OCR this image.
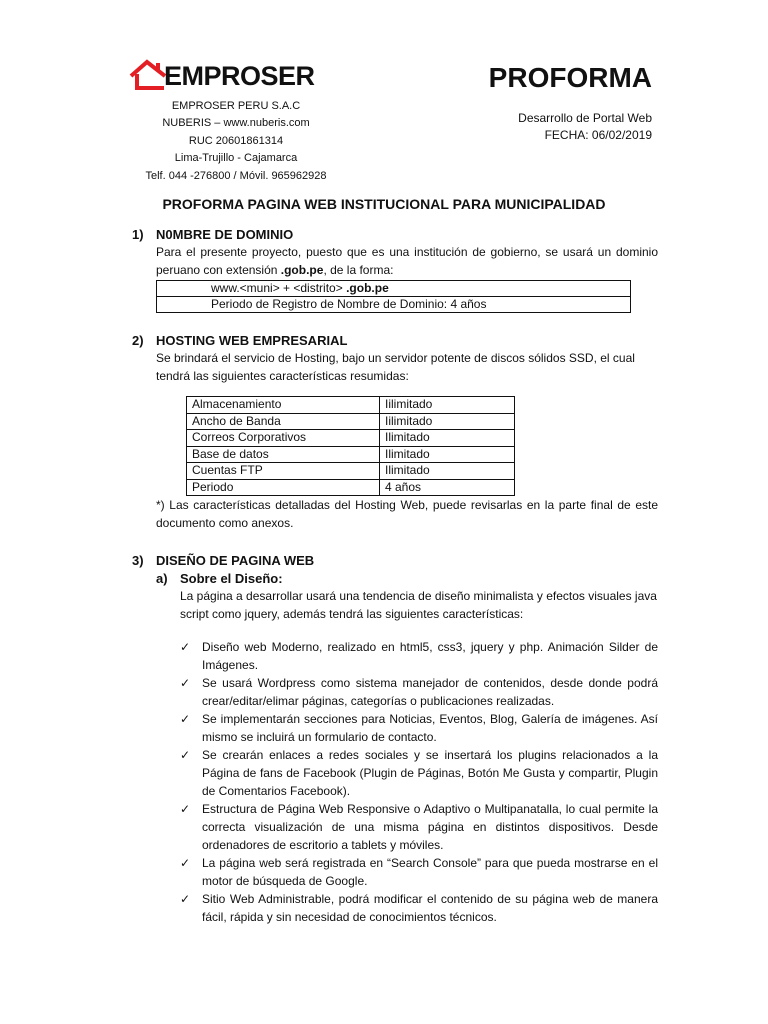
EMPROSER
EMPROSER PERU S.A.C
NUBERIS – www.nuberis.com
RUC 20601861314
Lima-Trujillo - Cajamarca
Telf. 044 -276800 / Móvil. 965962928
PROFORMA
Desarrollo de Portal Web
FECHA: 06/02/2019
PROFORMA PAGINA WEB INSTITUCIONAL PARA MUNICIPALIDAD
1) N0MBRE DE DOMINIO
Para el presente proyecto, puesto que es una institución de gobierno, se usará un dominio peruano con extensión .gob.pe, de la forma:
www.<muni> + <distrito> .gob.pe
Periodo de Registro de Nombre de Dominio: 4 años
2) HOSTING WEB EMPRESARIAL
Se brindará el servicio de Hosting, bajo un servidor potente de discos sólidos SSD, el cual tendrá las siguientes características resumidas:
Almacenamiento	Iilimitado
Ancho de Banda	Iilimitado
Correos Corporativos	Ilimitado
Base de datos	Ilimitado
Cuentas FTP	Ilimitado
Periodo	4 años
*) Las características detalladas del Hosting Web, puede revisarlas en la parte final de este documento como anexos.
3) DISEÑO DE PAGINA WEB
a) Sobre el Diseño:
La página a desarrollar usará una tendencia de diseño minimalista y efectos visuales java script como jquery, además tendrá las siguientes características:
✓ Diseño web Moderno, realizado en html5, css3, jquery y php. Animación Silder de Imágenes.
✓ Se usará Wordpress como sistema manejador de contenidos, desde donde podrá crear/editar/elimar páginas, categorías o publicaciones realizadas.
✓ Se implementarán secciones para Noticias, Eventos, Blog, Galería de imágenes. Así mismo se incluirá un formulario de contacto.
✓ Se crearán enlaces a redes sociales y se insertará los plugins relacionados a la Página de fans de Facebook (Plugin de Páginas, Botón Me Gusta y compartir, Plugin de Comentarios Facebook).
✓ Estructura de Página Web Responsive o Adaptivo o Multipanatalla, lo cual permite la correcta visualización de una misma página en distintos dispositivos. Desde ordenadores de escritorio a tablets y móviles.
✓ La página web será registrada en “Search Console” para que pueda mostrarse en el motor de búsqueda de Google.
✓ Sitio Web Administrable, podrá modificar el contenido de su página web de manera fácil, rápida y sin necesidad de conocimientos técnicos.
